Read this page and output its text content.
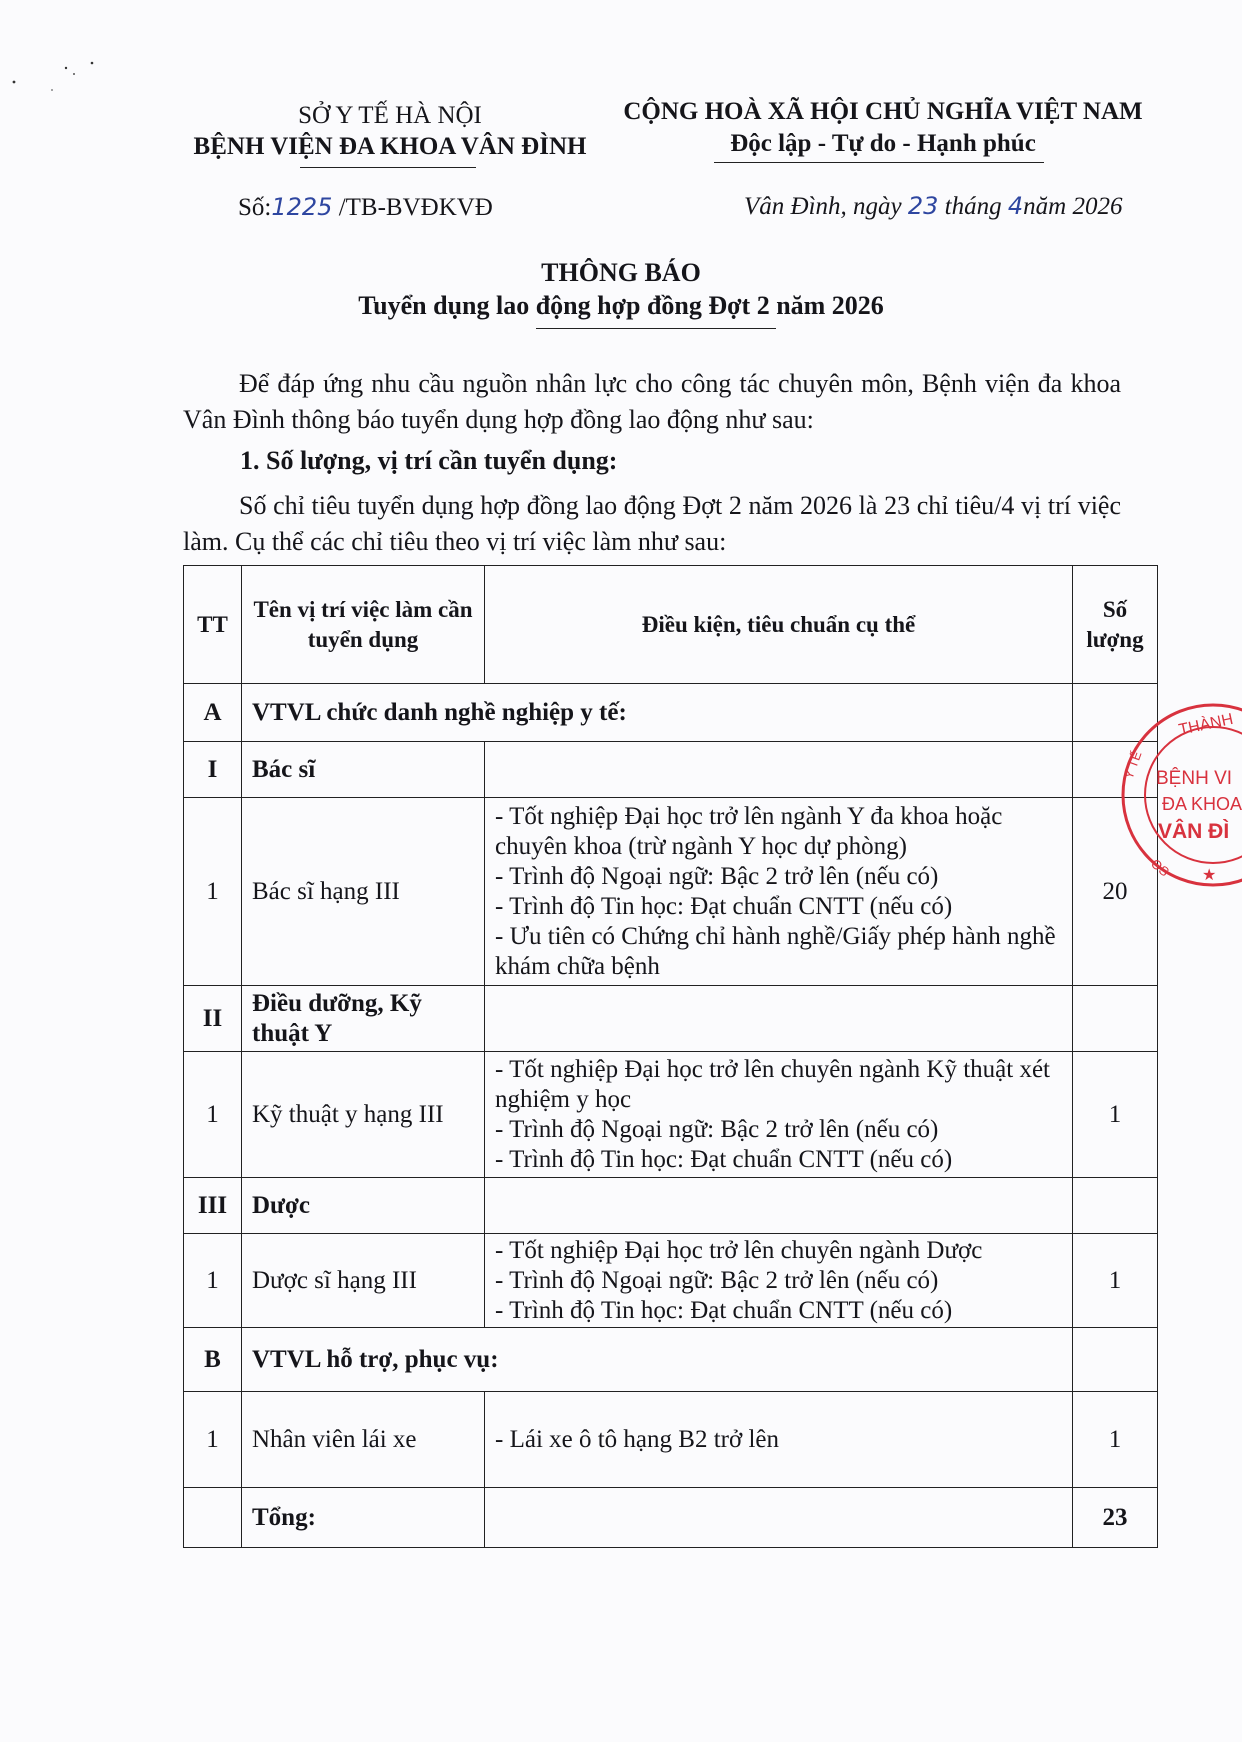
SỞ Y TẾ HÀ NỘI
BỆNH VIỆN ĐA KHOA VÂN ĐÌNH
CỘNG HOÀ XÃ HỘI CHỦ NGHĨA VIỆT NAM
Độc lập - Tự do - Hạnh phúc
Số:1225 /TB-BVĐKVĐ	Vân Đình, ngày 23 tháng 4năm 2026
THÔNG BÁO
Tuyển dụng lao động hợp đồng Đợt 2 năm 2026
Để đáp ứng nhu cầu nguồn nhân lực cho công tác chuyên môn, Bệnh viện đa khoa Vân Đình thông báo tuyển dụng hợp đồng lao động như sau:
1. Số lượng, vị trí cần tuyển dụng:
Số chỉ tiêu tuyển dụng hợp đồng lao động Đợt 2 năm 2026 là 23 chỉ tiêu/4 vị trí việc làm. Cụ thể các chỉ tiêu theo vị trí việc làm như sau:
TT	Tên vị trí việc làm cần tuyển dụng	Điều kiện, tiêu chuẩn cụ thể	Số lượng
A	VTVL chức danh nghề nghiệp y tế:		
I	Bác sĩ		
1	Bác sĩ hạng III	- Tốt nghiệp Đại học trở lên ngành Y đa khoa hoặc chuyên khoa (trừ ngành Y học dự phòng)
- Trình độ Ngoại ngữ: Bậc 2 trở lên (nếu có)
- Trình độ Tin học: Đạt chuẩn CNTT (nếu có)
- Ưu tiên có Chứng chỉ hành nghề/Giấy phép hành nghề khám chữa bệnh	20
II	Điều dưỡng, Kỹ thuật Y		
1	Kỹ thuật y hạng III	- Tốt nghiệp Đại học trở lên chuyên ngành Kỹ thuật xét nghiệm y học
- Trình độ Ngoại ngữ: Bậc 2 trở lên (nếu có)
- Trình độ Tin học: Đạt chuẩn CNTT (nếu có)	1
III	Dược		
1	Dược sĩ hạng III	- Tốt nghiệp Đại học trở lên chuyên ngành Dược
- Trình độ Ngoại ngữ: Bậc 2 trở lên (nếu có)
- Trình độ Tin học: Đạt chuẩn CNTT (nếu có)	1
B	VTVL hỗ trợ, phục vụ:		
1	Nhân viên lái xe	- Lái xe ô tô hạng B2 trở lên	1
	Tổng:		23
THÀNH
BỆNH VI
ĐA KHOA
VÂN ĐÌ
Y TẾ
OS ★
